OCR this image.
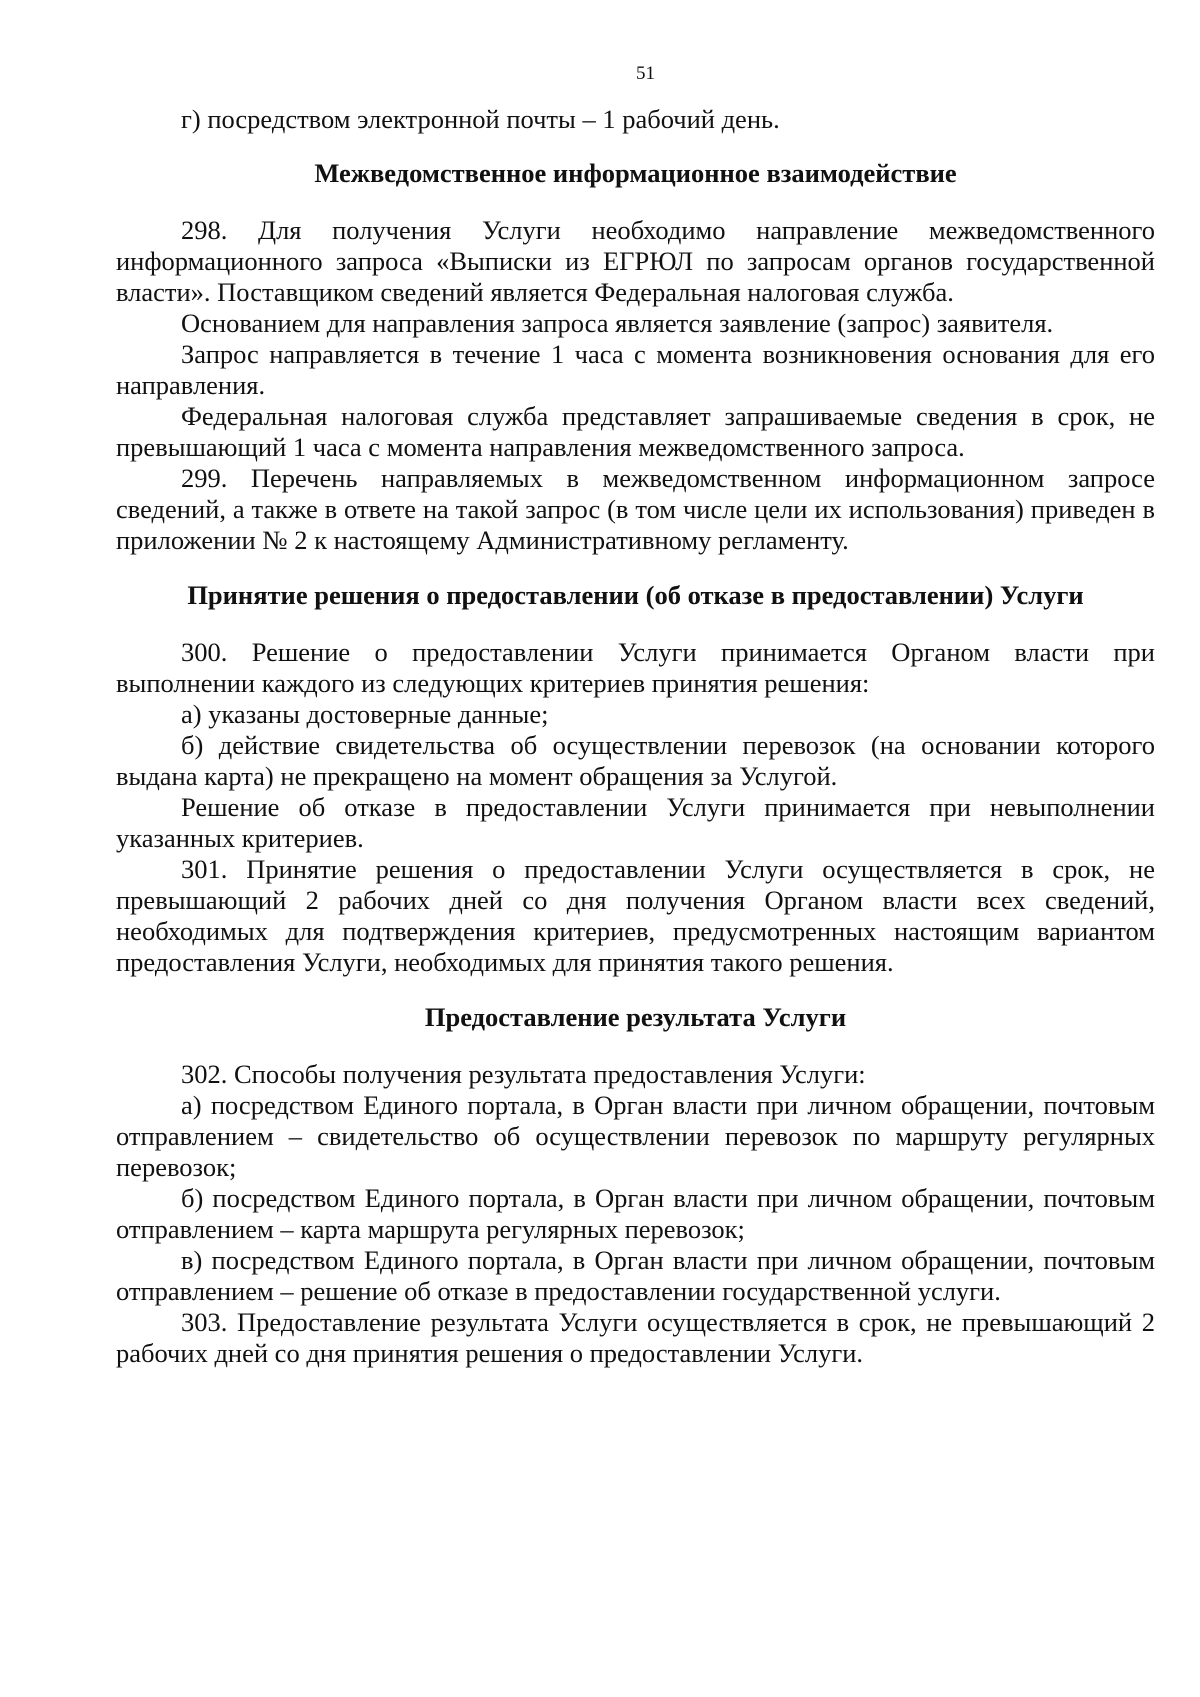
51

г) посредством электронной почты – 1 рабочий день.

Межведомственное информационное взаимодействие

298. Для получения Услуги необходимо направление межведомственного информационного запроса «Выписки из ЕГРЮЛ по запросам органов государственной власти». Поставщиком сведений является Федеральная налоговая служба.

Основанием для направления запроса является заявление (запрос) заявителя.

Запрос направляется в течение 1 часа с момента возникновения основания для его направления.

Федеральная налоговая служба представляет запрашиваемые сведения в срок, не превышающий 1 часа с момента направления межведомственного запроса.

299. Перечень направляемых в межведомственном информационном запросе сведений, а также в ответе на такой запрос (в том числе цели их использования) приведен в приложении № 2 к настоящему Административному регламенту.

Принятие решения о предоставлении (об отказе в предоставлении) Услуги

300. Решение о предоставлении Услуги принимается Органом власти при выполнении каждого из следующих критериев принятия решения:

а) указаны достоверные данные;

б) действие свидетельства об осуществлении перевозок (на основании которого выдана карта) не прекращено на момент обращения за Услугой.

Решение об отказе в предоставлении Услуги принимается при невыполнении указанных критериев.

301. Принятие решения о предоставлении Услуги осуществляется в срок, не превышающий 2 рабочих дней со дня получения Органом власти всех сведений, необходимых для подтверждения критериев, предусмотренных настоящим вариантом предоставления Услуги, необходимых для принятия такого решения.

Предоставление результата Услуги

302. Способы получения результата предоставления Услуги:

а) посредством Единого портала, в Орган власти при личном обращении, почтовым отправлением – свидетельство об осуществлении перевозок по маршруту регулярных перевозок;

б) посредством Единого портала, в Орган власти при личном обращении, почтовым отправлением – карта маршрута регулярных перевозок;

в) посредством Единого портала, в Орган власти при личном обращении, почтовым отправлением – решение об отказе в предоставлении государственной услуги.

303. Предоставление результата Услуги осуществляется в срок, не превышающий 2 рабочих дней со дня принятия решения о предоставлении Услуги.
